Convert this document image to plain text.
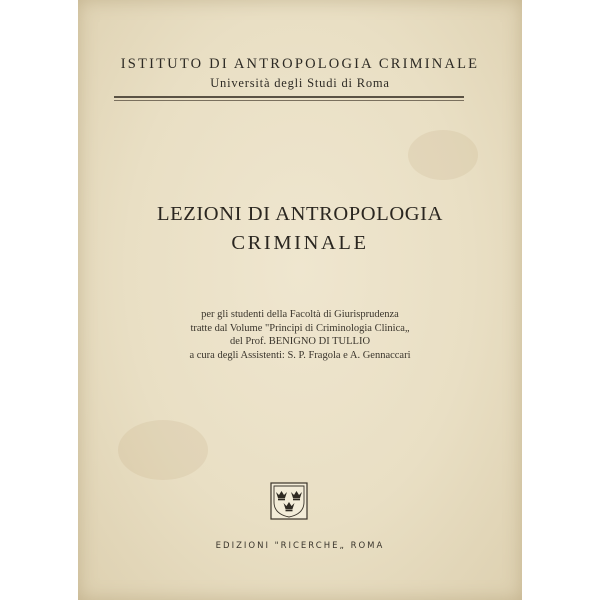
ISTITUTO DI ANTROPOLOGIA CRIMINALE
Università degli Studi di Roma
LEZIONI DI ANTROPOLOGIA
CRIMINALE
per gli studenti della Facoltà di Giurisprudenza
tratte dal Volume "Principi di Criminologia Clinica„
del Prof. BENIGNO DI TULLIO
a cura degli Assistenti: S. P. Fragola e A. Gennaccari
EDIZIONI "RICERCHE„ ROMA
